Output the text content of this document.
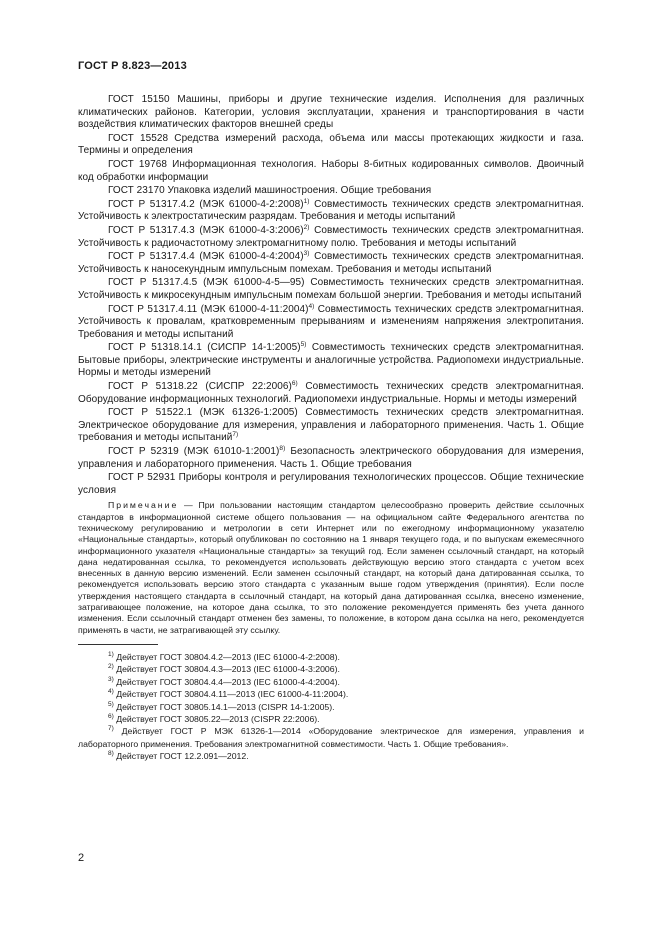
ГОСТ Р 8.823—2013

ГОСТ 15150 Машины, приборы и другие технические изделия. Исполнения для различных климатических районов. Категории, условия эксплуатации, хранения и транспортирования в части воздействия климатических факторов внешней среды

ГОСТ 15528 Средства измерений расхода, объема или массы протекающих жидкости и газа. Термины и определения

ГОСТ 19768 Информационная технология. Наборы 8-битных кодированных символов. Двоичный код обработки информации

ГОСТ 23170 Упаковка изделий машиностроения. Общие требования

ГОСТ Р 51317.4.2 (МЭК 61000-4-2:2008)$^{1)}$ Совместимость технических средств электромагнитная. Устойчивость к электростатическим разрядам. Требования и методы испытаний

ГОСТ Р 51317.4.3 (МЭК 61000-4-3:2006)$^{2)}$ Совместимость технических средств электромагнитная. Устойчивость к радиочастотному электромагнитному полю. Требования и методы испытаний

ГОСТ Р 51317.4.4 (МЭК 61000-4-4:2004)$^{3)}$ Совместимость технических средств электромагнитная. Устойчивость к наносекундным импульсным помехам. Требования и методы испытаний

ГОСТ Р 51317.4.5 (МЭК 61000-4-5—95) Совместимость технических средств электромагнитная. Устойчивость к микросекундным импульсным помехам большой энергии. Требования и методы испытаний

ГОСТ Р 51317.4.11 (МЭК 61000-4-11:2004)$^{4)}$ Совместимость технических средств электромагнитная. Устойчивость к провалам, кратковременным прерываниям и изменениям напряжения электропитания. Требования и методы испытаний

ГОСТ Р 51318.14.1 (СИСПР 14-1:2005)$^{5)}$ Совместимость технических средств электромагнитная. Бытовые приборы, электрические инструменты и аналогичные устройства. Радиопомехи индустриальные. Нормы и методы измерений

ГОСТ Р 51318.22 (СИСПР 22:2006)$^{6)}$ Совместимость технических средств электромагнитная. Оборудование информационных технологий. Радиопомехи индустриальные. Нормы и методы измерений

ГОСТ Р 51522.1 (МЭК 61326-1:2005) Совместимость технических средств электромагнитная. Электрическое оборудование для измерения, управления и лабораторного применения. Часть 1. Общие требования и методы испытаний$^{7)}$

ГОСТ Р 52319 (МЭК 61010-1:2001)$^{8)}$ Безопасность электрического оборудования для измерения, управления и лабораторного применения. Часть 1. Общие требования

ГОСТ Р 52931 Приборы контроля и регулирования технологических процессов. Общие технические условия

Примечание — При пользовании настоящим стандартом целесообразно проверить действие ссылочных стандартов в информационной системе общего пользования — на официальном сайте Федерального агентства по техническому регулированию и метрологии в сети Интернет или по ежегодному информационному указателю «Национальные стандарты», который опубликован по состоянию на 1 января текущего года, и по выпускам ежемесячного информационного указателя «Национальные стандарты» за текущий год. Если заменен ссылочный стандарт, на который дана недатированная ссылка, то рекомендуется использовать действующую версию этого стандарта с учетом всех внесенных в данную версию изменений. Если заменен ссылочный стандарт, на который дана датированная ссылка, то рекомендуется использовать версию этого стандарта с указанным выше годом утверждения (принятия). Если после утверждения настоящего стандарта в ссылочный стандарт, на который дана датированная ссылка, внесено изменение, затрагивающее положение, на которое дана ссылка, то это положение рекомендуется применять без учета данного изменения. Если ссылочный стандарт отменен без замены, то положение, в котором дана ссылка на него, рекомендуется применять в части, не затрагивающей эту ссылку.

$^{1)}$ Действует ГОСТ 30804.4.2—2013 (IEC 61000-4-2:2008).

$^{2)}$ Действует ГОСТ 30804.4.3—2013 (IEC 61000-4-3:2006).

$^{3)}$ Действует ГОСТ 30804.4.4—2013 (IEC 61000-4-4:2004).

$^{4)}$ Действует ГОСТ 30804.4.11—2013 (IEC 61000-4-11:2004).

$^{5)}$ Действует ГОСТ 30805.14.1—2013 (CISPR 14-1:2005).

$^{6)}$ Действует ГОСТ 30805.22—2013 (CISPR 22:2006).

$^{7)}$ Действует ГОСТ Р МЭК 61326-1—2014 «Оборудование электрическое для измерения, управления и лабораторного применения. Требования электромагнитной совместимости. Часть 1. Общие требования».

$^{8)}$ Действует ГОСТ 12.2.091—2012.

2
